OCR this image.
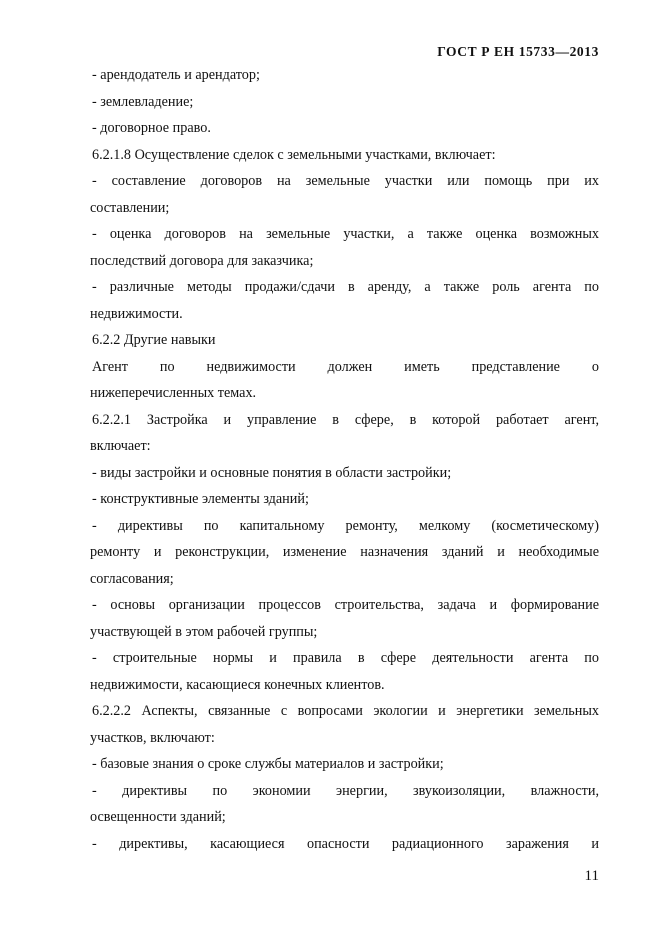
ГОСТ Р ЕН 15733—2013
- арендодатель и арендатор;
- землевладение;
- договорное право.
6.2.1.8 Осуществление сделок с земельными участками, включает:
- составление договоров на земельные участки или помощь при их
составлении;
- оценка договоров на земельные участки, а также оценка возможных
последствий договора для заказчика;
- различные методы продажи/сдачи в аренду, а также роль агента по
недвижимости.
6.2.2 Другие навыки
Агент по недвижимости должен иметь представление о
нижеперечисленных темах.
6.2.2.1 Застройка и управление в сфере, в которой работает агент,
включает:
- виды застройки и основные понятия в области застройки;
- конструктивные элементы зданий;
- директивы по капитальному ремонту, мелкому (косметическому)
ремонту и реконструкции, изменение назначения зданий и необходимые
согласования;
- основы организации процессов строительства, задача и формирование
участвующей в этом рабочей группы;
- строительные нормы и правила в сфере деятельности агента по
недвижимости, касающиеся конечных клиентов.
6.2.2.2 Аспекты, связанные с вопросами экологии и энергетики земельных
участков, включают:
- базовые знания о сроке службы материалов и застройки;
- директивы по экономии энергии, звукоизоляции, влажности,
освещенности зданий;
- директивы, касающиеся опасности радиационного заражения и
11
